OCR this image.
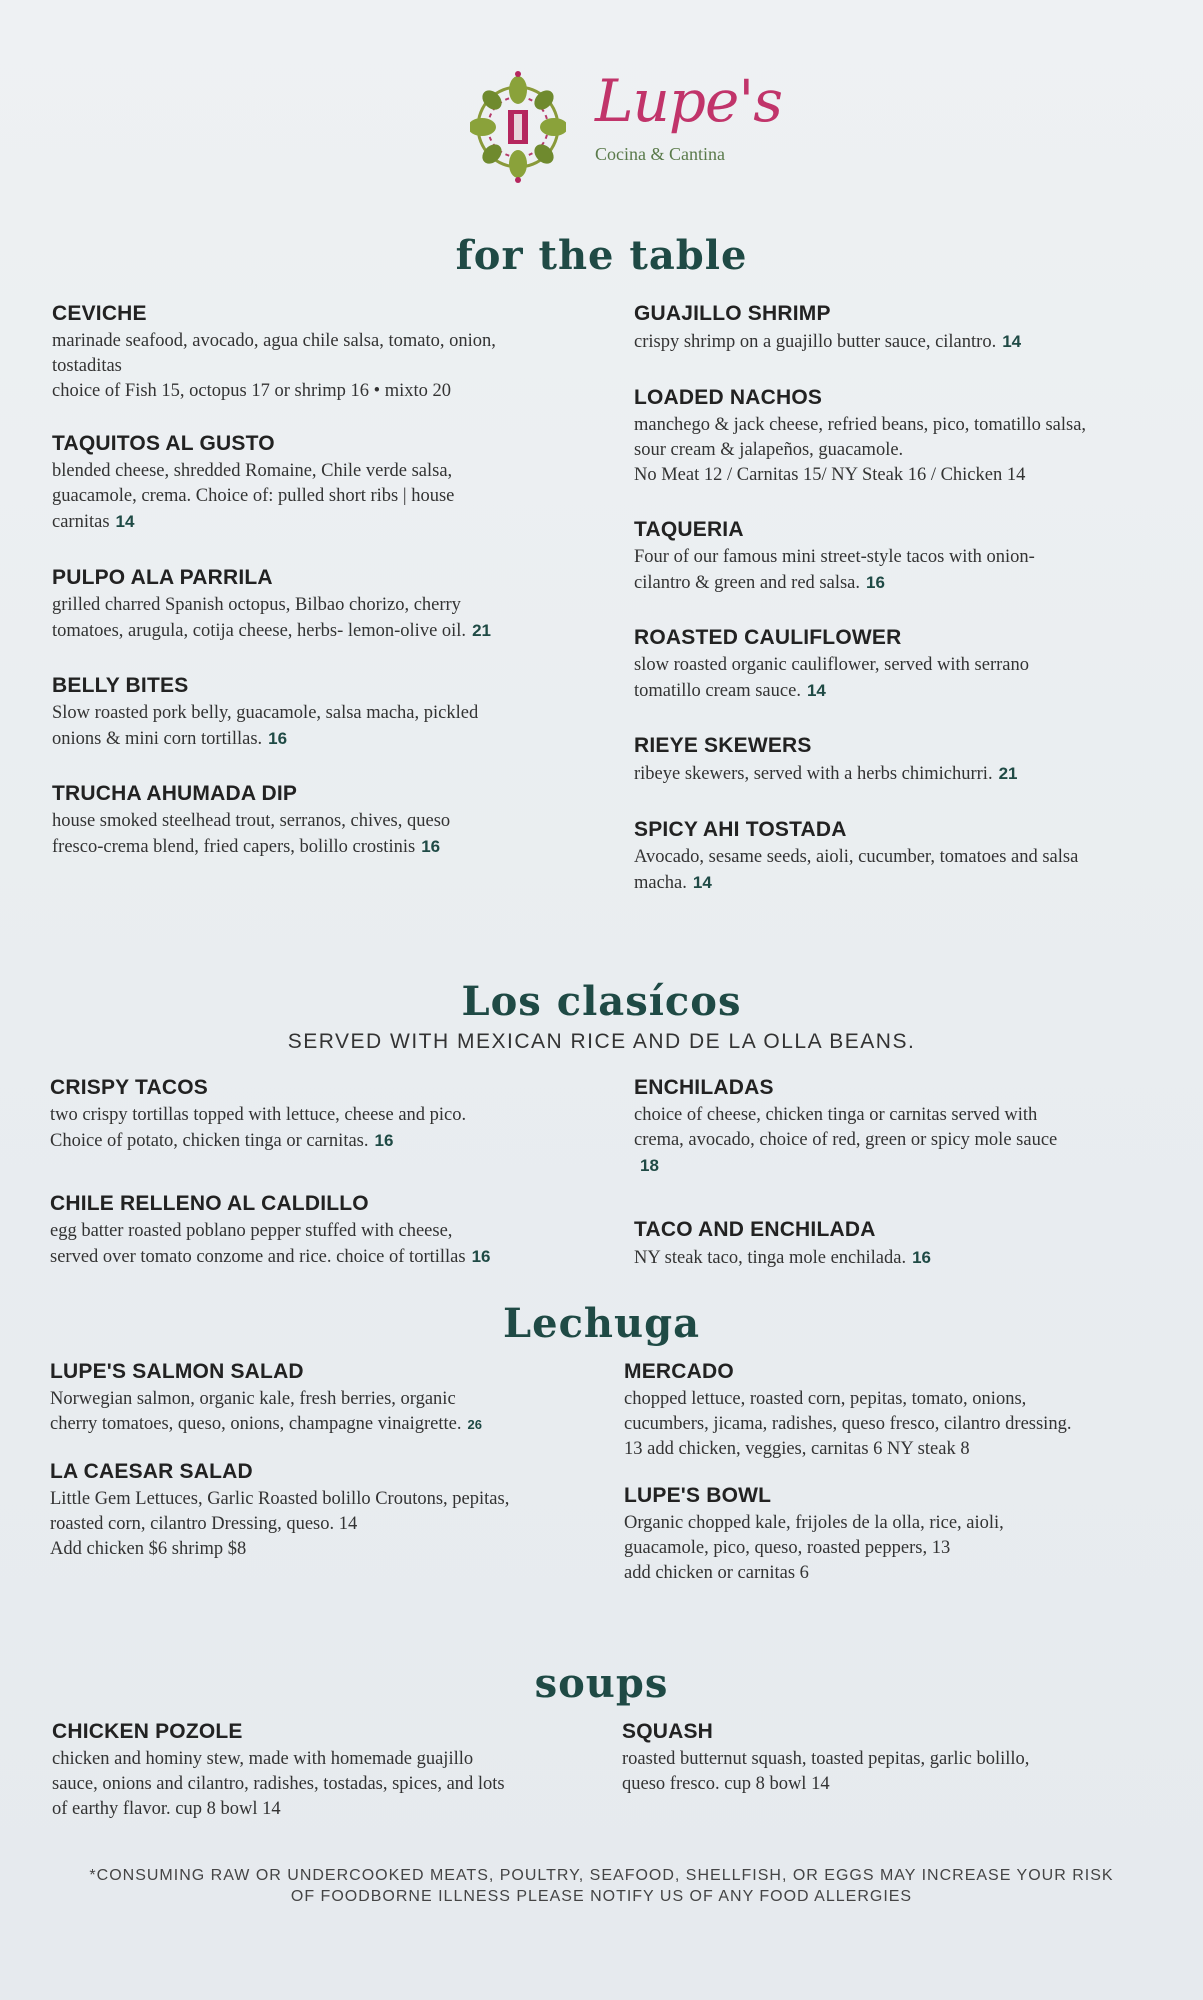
Lupe's
Cocina & Cantina
for the table
CEVICHE

marinade seafood, avocado, agua chile salsa, tomato, onion,
tostaditas
choice of Fish 15, octopus 17 or shrimp 16 • mixto 20

TAQUITOS AL GUSTO

blended cheese, shredded Romaine, Chile verde salsa,
guacamole, crema. Choice of: pulled short ribs | house
carnitas 14

PULPO ALA PARRILA

grilled charred Spanish octopus, Bilbao chorizo, cherry
tomatoes, arugula, cotija cheese, herbs- lemon-olive oil. 21

BELLY BITES

Slow roasted pork belly, guacamole, salsa macha, pickled
onions & mini corn tortillas. 16

TRUCHA AHUMADA DIP

house smoked steelhead trout, serranos, chives, queso
fresco-crema blend, fried capers, bolillo crostinis 16

GUAJILLO SHRIMP

crispy shrimp on a guajillo butter sauce, cilantro. 14

LOADED NACHOS

manchego & jack cheese, refried beans, pico, tomatillo salsa,
sour cream & jalapeños, guacamole.
No Meat 12 / Carnitas 15/ NY Steak 16 / Chicken 14

TAQUERIA

Four of our famous mini street-style tacos with onion-
cilantro & green and red salsa. 16

ROASTED CAULIFLOWER

slow roasted organic cauliflower, served with serrano
tomatillo cream sauce. 14

RIEYE SKEWERS

ribeye skewers, served with a herbs chimichurri. 21

SPICY AHI TOSTADA

Avocado, sesame seeds, aioli, cucumber, tomatoes and salsa
macha. 14

Los clasícos
SERVED WITH MEXICAN RICE AND DE LA OLLA BEANS.
CRISPY TACOS

two crispy tortillas topped with lettuce, cheese and pico.
Choice of potato, chicken tinga or carnitas. 16

CHILE RELLENO AL CALDILLO

egg batter roasted poblano pepper stuffed with cheese,
served over tomato conzome and rice. choice of tortillas 16

ENCHILADAS

choice of cheese, chicken tinga or carnitas served with
crema, avocado, choice of red, green or spicy mole sauce
18

TACO AND ENCHILADA

NY steak taco, tinga mole enchilada. 16

Lechuga
LUPE'S SALMON SALAD

Norwegian salmon, organic kale, fresh berries, organic
cherry tomatoes, queso, onions, champagne vinaigrette. 26

LA CAESAR SALAD

Little Gem Lettuces, Garlic Roasted bolillo Croutons, pepitas,
roasted corn, cilantro Dressing, queso. 14
Add chicken $6 shrimp $8

MERCADO

chopped lettuce, roasted corn, pepitas, tomato, onions,
cucumbers, jicama, radishes, queso fresco, cilantro dressing.
13 add chicken, veggies, carnitas 6 NY steak 8

LUPE'S BOWL

Organic chopped kale, frijoles de la olla, rice, aioli,
guacamole, pico, queso, roasted peppers, 13
add chicken or carnitas 6

soups
CHICKEN POZOLE

chicken and hominy stew, made with homemade guajillo
sauce, onions and cilantro, radishes, tostadas, spices, and lots
of earthy flavor. cup 8 bowl 14

SQUASH

roasted butternut squash, toasted pepitas, garlic bolillo,
queso fresco. cup 8 bowl 14

*CONSUMING RAW OR UNDERCOOKED MEATS, POULTRY, SEAFOOD, SHELLFISH, OR EGGS MAY INCREASE YOUR RISK
OF FOODBORNE ILLNESS PLEASE NOTIFY US OF ANY FOOD ALLERGIES
